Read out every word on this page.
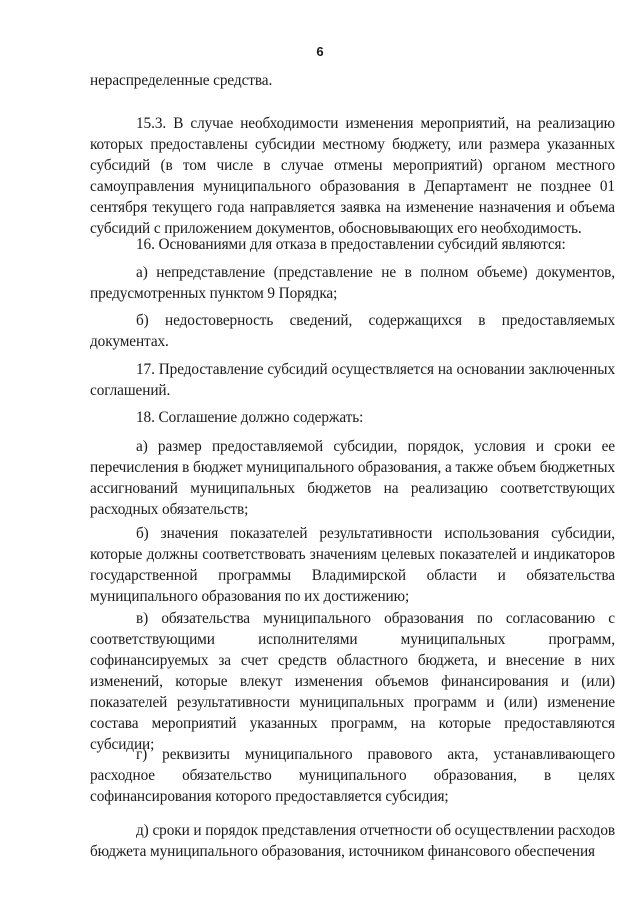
6

нераспределенные средства.

15.3. В случае необходимости изменения мероприятий, на реализацию которых предоставлены субсидии местному бюджету, или размера указанных субсидий (в том числе в случае отмены мероприятий) органом местного самоуправления муниципального образования в Департамент не позднее 01 сентября текущего года направляется заявка на изменение назначения и объема субсидий с приложением документов, обосновывающих его необходимость.

16. Основаниями для отказа в предоставлении субсидий являются:

а) непредставление (представление не в полном объеме) документов, предусмотренных пунктом 9 Порядка;

б) недостоверность сведений, содержащихся в предоставляемых документах.

17. Предоставление субсидий осуществляется на основании заключенных соглашений.

18. Соглашение должно содержать:

а) размер предоставляемой субсидии, порядок, условия и сроки ее перечисления в бюджет муниципального образования, а также объем бюджетных ассигнований муниципальных бюджетов на реализацию соответствующих расходных обязательств;

б) значения показателей результативности использования субсидии, которые должны соответствовать значениям целевых показателей и индикаторов государственной программы Владимирской области и обязательства муниципального образования по их достижению;

в) обязательства муниципального образования по согласованию с соответствующими исполнителями муниципальных программ, софинансируемых за счет средств областного бюджета, и внесение в них изменений, которые влекут изменения объемов финансирования и (или) показателей результативности муниципальных программ и (или) изменение состава мероприятий указанных программ, на которые предоставляются субсидии;

г) реквизиты муниципального правового акта, устанавливающего расходное обязательство муниципального образования, в целях софинансирования которого предоставляется субсидия;

д) сроки и порядок представления отчетности об осуществлении расходов бюджета муниципального образования, источником финансового обеспечения
